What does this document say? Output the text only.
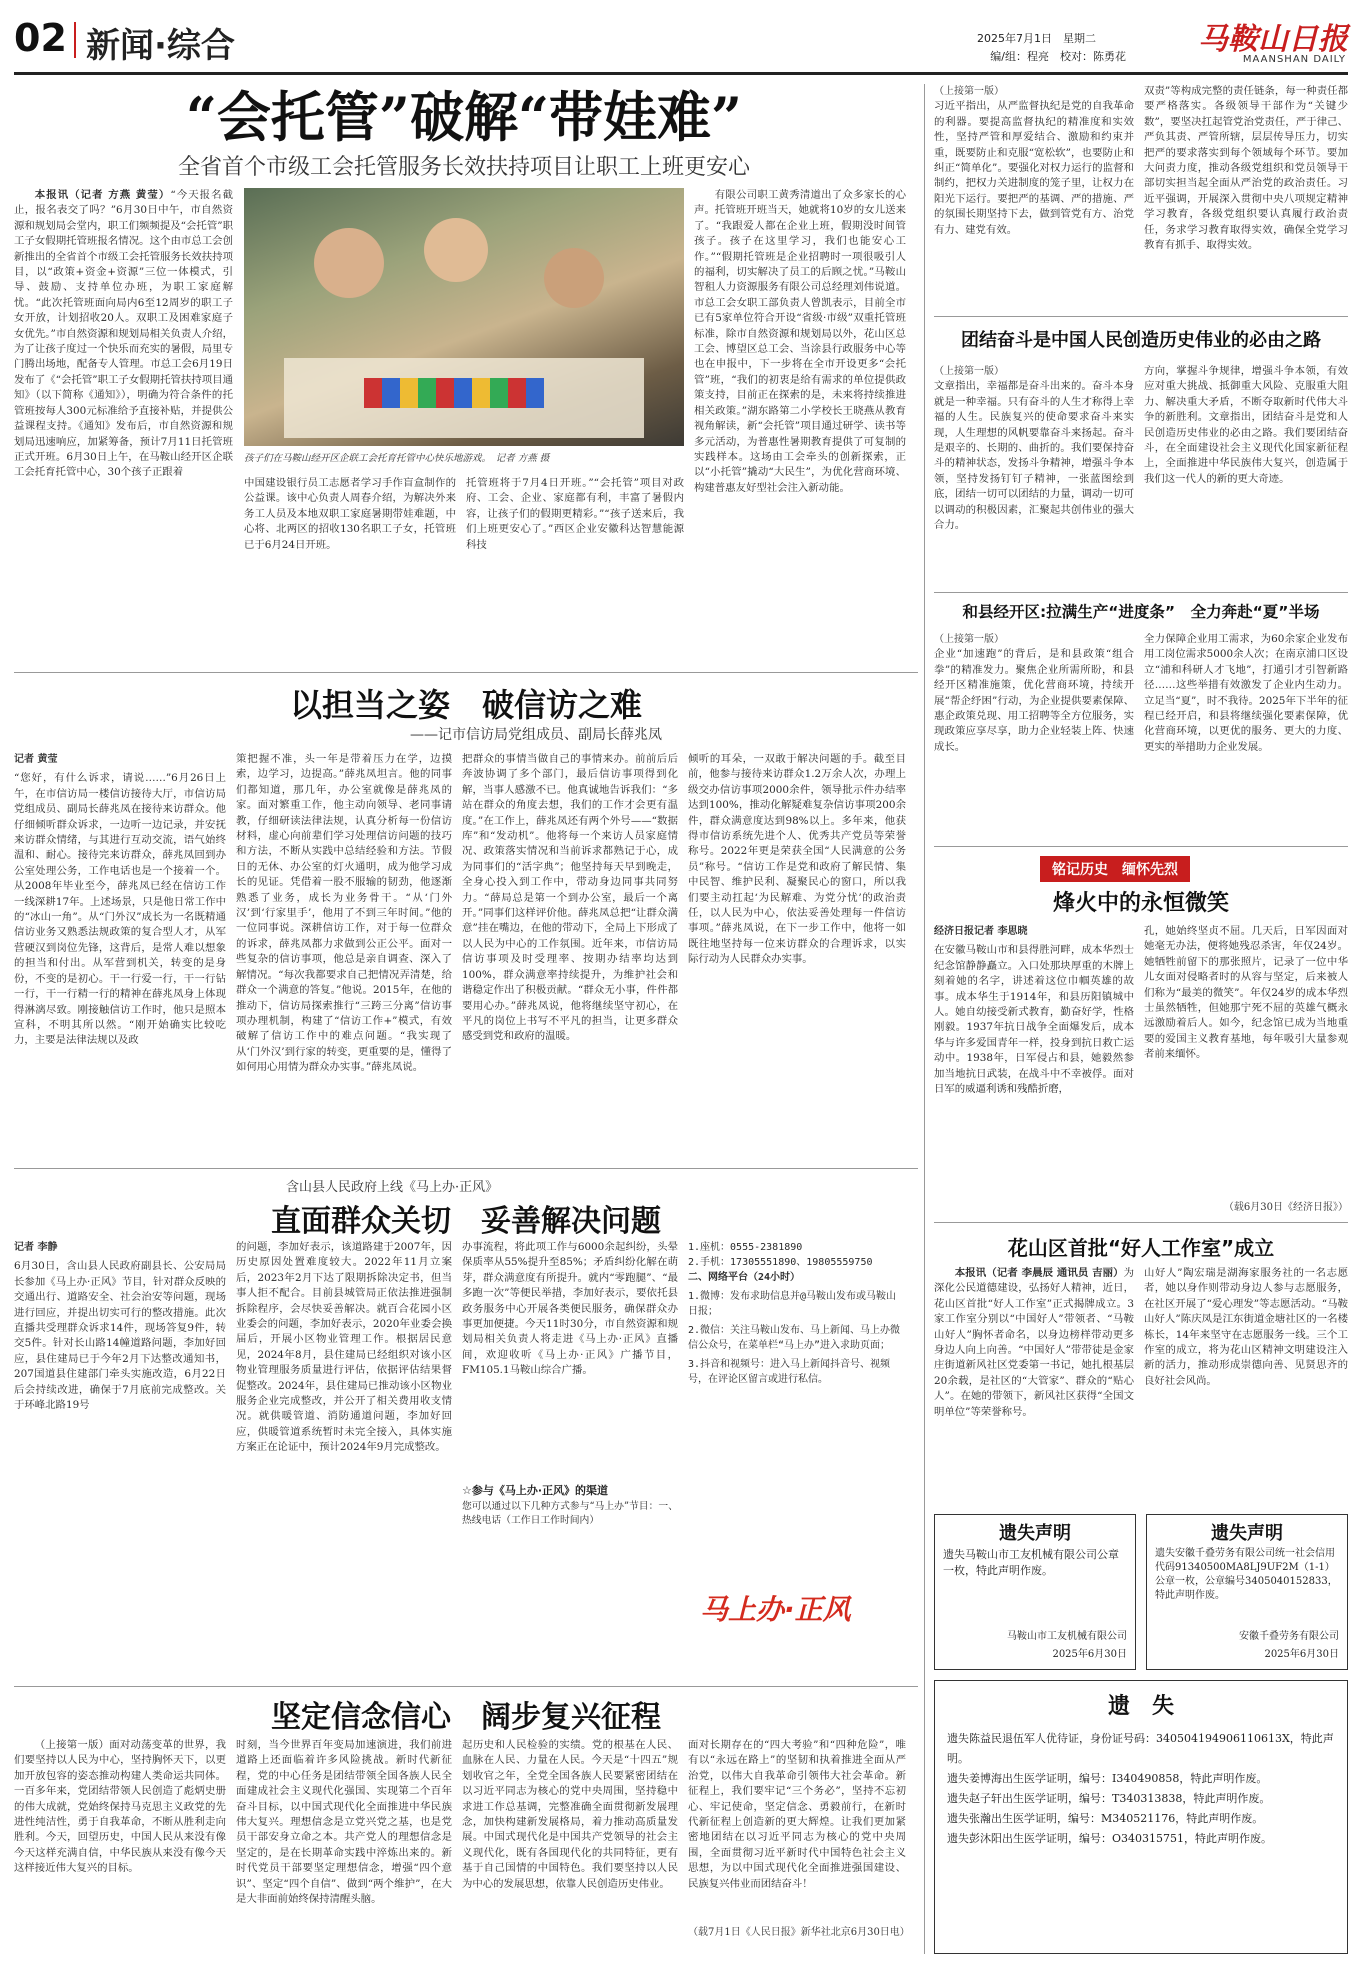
02 新闻·综合	2025年7月1日　星期二
编/组：程亮　校对：陈勇花 马鞍山日报
MAANSHAN DAILY
“会托管”破解“带娃难”
全省首个市级工会托管服务长效扶持项目让职工上班更安心
本报讯（记者 方燕 黄莹）“今天报名截止，报名表交了吗？”6月30日中午，市自然资源和规划局会堂内，职工们频频提及“会托管”职工子女假期托管班报名情况。这个由市总工会创新推出的全省首个市级工会托管服务长效扶持项目，以“政策+资金+资源”三位一体模式，引导、鼓励、支持单位办班，为职工家庭解忧。“此次托管班面向局内6至12周岁的职工子女开放，计划招收20人。双职工及困难家庭子女优先。”市自然资源和规划局相关负责人介绍，为了让孩子度过一个快乐而充实的暑假，局里专门腾出场地，配备专人管理。市总工会6月19日发布了《“会托管”职工子女假期托管扶持项目通知》（以下简称《通知》），明确为符合条件的托管班按每人300元标准给予直接补贴，并提供公益课程支持。《通知》发布后，市自然资源和规划局迅速响应，加紧筹备，预计7月11日托管班正式开班。6月30日上午，在马鞍山经开区企联工会托育托管中心，30个孩子正跟着
孩子们在马鞍山经开区企联工会托育托管中心快乐地游戏。　记者 方燕 摄
中国建设银行员工志愿者学习手作盲盒制作的公益课。该中心负责人周春介绍，为解决外来务工人员及本地双职工家庭暑期带娃难题，中心将、北两区的招收130名职工子女，托管班已于6月24日开班。
托管班将于7月4日开班。”“会托管”项目对政府、工会、企业、家庭都有利，丰富了暑假内容，让孩子们的假期更精彩。”“孩子送来后，我们上班更安心了。”西区企业安徽科达智慧能源科技
有限公司职工黄秀清道出了众多家长的心声。托管班开班当天，她就将10岁的女儿送来了。“我跟爱人都在企业上班，假期没时间管孩子。孩子在这里学习，我们也能安心工作。”“假期托管班是企业招聘时一项很吸引人的福利，切实解决了员工的后顾之忧。”马鞍山智租人力资源服务有限公司总经理刘伟说道。市总工会女职工部负责人曾凯表示，目前全市已有5家单位符合开设“省级·市级”双重托管班标准，除市自然资源和规划局以外，花山区总工会、博望区总工会、当涂县行政服务中心等也在申报中，下一步将在全市开设更多“会托管”班，“我们的初衷是给有需求的单位提供政策支持，目前正在探索的是，未来将持续推进相关政策。”湖东路第二小学校长王晓燕从教育视角解读，新“会托管”项目通过研学、读书等多元活动，为普惠性暑期教育提供了可复制的实践样本。这场由工会牵头的创新探索，正以“小托管”撬动“大民生”，为优化营商环境、构建普惠友好型社会注入新动能。
以担当之姿　破信访之难
——记市信访局党组成员、副局长薛兆凤
记者 黄莹
“您好，有什么诉求，请说……”6月26日上午，在市信访局一楼信访接待大厅，市信访局党组成员、副局长薛兆凤在接待来访群众。他仔细倾听群众诉求，一边听一边记录，并安抚来访群众情绪，与其进行互动交流，语气始终温和、耐心。接待完来访群众，薛兆凤回到办公室处理公务，工作电话也是一个接着一个。从2008年毕业至今，薛兆凤已经在信访工作一线深耕17年。上述场景，只是他日常工作中的“冰山一角”。从“门外汉”成长为一名既精通信访业务又熟悉法规政策的复合型人才，从军营硬汉到岗位先锋，这背后，是常人难以想象的担当和付出。从军营到机关，转变的是身份，不变的是初心。干一行爱一行，干一行钻一行，干一行精一行的精神在薛兆凤身上体现得淋漓尽致。刚接触信访工作时，他只是照本宣科，不明其所以然。“刚开始确实比较吃力，主要是法律法规以及政
策把握不准，头一年是带着压力在学，边摸索，边学习，边提高。”薛兆凤坦言。他的同事们都知道，那几年，办公室就像是薛兆凤的家。面对繁重工作，他主动向领导、老同事请教，仔细研读法律法规，认真分析每一份信访材料，虚心向前辈们学习处理信访问题的技巧和方法，不断从实践中总结经验和方法。节假日的无休、办公室的灯火通明，成为他学习成长的见证。凭借着一股不服输的韧劲，他逐渐熟悉了业务，成长为业务骨干。“从‘门外汉’到‘行家里手’，他用了不到三年时间。”他的一位同事说。深耕信访工作，对于每一位群众的诉求，薛兆凤都力求做到公正公平。面对一些复杂的信访事项，他总是亲自调查、深入了解情况。“每次我都要求自己把情况弄清楚，给群众一个满意的答复。”他说。2015年，在他的推动下，信访局探索推行“三跨三分离”信访事项办理机制，构建了“信访工作+”模式，有效破解了信访工作中的难点问题。“我实现了从‘门外汉’到行家的转变，更重要的是，懂得了如何用心用情为群众办实事。”薛兆凤说。
把群众的事情当做自己的事情来办。前前后后奔波协调了多个部门，最后信访事项得到化解，当事人感激不已。他真诚地告诉我们：“多站在群众的角度去想，我们的工作才会更有温度。”在工作上，薛兆凤还有两个外号——“数据库”和“发动机”。他将每一个来访人员家庭情况、政策落实情况和当前诉求都熟记于心，成为同事们的“活字典”；他坚持每天早到晚走，全身心投入到工作中，带动身边同事共同努力。“薛局总是第一个到办公室，最后一个离开。”同事们这样评价他。薛兆凤总把“让群众满意”挂在嘴边，在他的带动下，全局上下形成了以人民为中心的工作氛围。近年来，市信访局信访事项及时受理率、按期办结率均达到100%，群众满意率持续提升，为维护社会和谐稳定作出了积极贡献。“群众无小事，件件都要用心办。”薛兆凤说，他将继续坚守初心，在平凡的岗位上书写不平凡的担当，让更多群众感受到党和政府的温暖。
倾听的耳朵，一双敢于解决问题的手。截至目前，他参与接待来访群众1.2万余人次，办理上级交办信访事项2000余件，领导批示件办结率达到100%，推动化解疑难复杂信访事项200余件，群众满意度达到98%以上。多年来，他获得市信访系统先进个人、优秀共产党员等荣誉称号。2022年更是荣获全国“人民满意的公务员”称号。“信访工作是党和政府了解民情、集中民智、维护民利、凝聚民心的窗口，所以我们要主动扛起‘为民解难、为党分忧’的政治责任，以人民为中心，依法妥善处理每一件信访事项。”薛兆凤说，在下一步工作中，他将一如既往地坚持每一位来访群众的合理诉求，以实际行动为人民群众办实事。
含山县人民政府上线《马上办·正风》
直面群众关切　妥善解决问题
记者 李静
6月30日，含山县人民政府副县长、公安局局长参加《马上办·正风》节目，针对群众反映的交通出行、道路安全、社会治安等问题，现场进行回应，并提出切实可行的整改措施。此次直播共受理群众诉求14件，现场答复9件，转交5件。针对长山路14幢道路问题，李加好回应，县住建局已于今年2月下达整改通知书，207国道县住建部门牵头实施改造，6月22日后会持续改进，确保于7月底前完成整改。关于环峰北路19号
的问题，李加好表示，该道路建于2007年，因历史原因处置难度较大。2022年11月立案后，2023年2月下达了限期拆除决定书，但当事人拒不配合。目前县城管局正依法推进强制拆除程序，会尽快妥善解决。就百合花园小区业委会的问题，李加好表示，2020年业委会换届后，开展小区物业管理工作。根据居民意见，2024年8月，县住建局已经组织对该小区物业管理服务质量进行评估，依据评估结果督促整改。2024年，县住建局已推动该小区物业服务企业完成整改，并公开了相关费用收支情况。就供暖管道、消防通道问题，李加好回应，供暖管道系统暂时未完全接入，具体实施方案正在论证中，预计2024年9月完成整改。
办事流程，将此项工作与6000余起纠纷，头晕保质率从55%提升至85%；矛盾纠纷化解在萌芽，群众满意度有所提升。就内“零跑腿”、“最多跑一次”等便民举措，李加好表示，要依托县政务服务中心开展各类便民服务，确保群众办事更加便捷。今天11时30分，市自然资源和规划局相关负责人将走进《马上办·正风》直播间，欢迎收听《马上办·正风》广播节目，FM105.1马鞍山综合广播。
☆参与《马上办·正风》的渠道
您可以通过以下几种方式参与“马上办”节目：一、热线电话（工作日工作时间内）
1.座机：0555-2381890
2.手机：17305551890、19805559750
二、网络平台（24小时）
1.微博：发布求助信息并@马鞍山发布或马鞍山日报；
2.微信：关注马鞍山发布、马上新闻、马上办微信公众号，在菜单栏“马上办”进入求助页面；
3.抖音和视频号：进入马上新闻抖音号、视频号，在评论区留言或进行私信。
马上办·正风
坚定信念信心　阔步复兴征程
（上接第一版）面对动荡变革的世界，我们要坚持以人民为中心，坚持胸怀天下，以更加开放包容的姿态推动构建人类命运共同体。一百多年来，党团结带领人民创造了彪炳史册的伟大成就，党始终保持马克思主义政党的先进性纯洁性，勇于自我革命，不断从胜利走向胜利。今天，回望历史，中国人民从来没有像今天这样充满自信，中华民族从来没有像今天这样接近伟大复兴的目标。
时刻，当今世界百年变局加速演进，我们前进道路上还面临着许多风险挑战。新时代新征程，党的中心任务是团结带领全国各族人民全面建成社会主义现代化强国、实现第二个百年奋斗目标，以中国式现代化全面推进中华民族伟大复兴。理想信念是立党兴党之基，也是党员干部安身立命之本。共产党人的理想信念是坚定的，是在长期革命实践中淬炼出来的。新时代党员干部要坚定理想信念，增强“四个意识”、坚定“四个自信”、做到“两个维护”，在大是大非面前始终保持清醒头脑。
起历史和人民检验的实绩。党的根基在人民、血脉在人民、力量在人民。今天是“十四五”规划收官之年，全党全国各族人民要紧密团结在以习近平同志为核心的党中央周围，坚持稳中求进工作总基调，完整准确全面贯彻新发展理念，加快构建新发展格局，着力推动高质量发展。中国式现代化是中国共产党领导的社会主义现代化，既有各国现代化的共同特征，更有基于自己国情的中国特色。我们要坚持以人民为中心的发展思想，依靠人民创造历史伟业。
面对长期存在的“四大考验”和“四种危险”，唯有以“永远在路上”的坚韧和执着推进全面从严治党，以伟大自我革命引领伟大社会革命。新征程上，我们要牢记“三个务必”，坚持不忘初心、牢记使命，坚定信念、勇毅前行，在新时代新征程上创造新的更大辉煌。让我们更加紧密地团结在以习近平同志为核心的党中央周围，全面贯彻习近平新时代中国特色社会主义思想，为以中国式现代化全面推进强国建设、民族复兴伟业而团结奋斗！
（载7月1日《人民日报》新华社北京6月30日电）
（上接第一版）
习近平指出，从严监督执纪是党的自我革命的利器。要提高监督执纪的精准度和实效性，坚持严管和厚爱结合、激励和约束并重，既要防止和克服“宽松软”，也要防止和纠正“简单化”。要强化对权力运行的监督和制约，把权力关进制度的笼子里，让权力在阳光下运行。要把严的基调、严的措施、严的氛围长期坚持下去，做到管党有方、治党有力、建党有效。
双责”等构成完整的责任链条，每一种责任都要严格落实。各级领导干部作为“关键少数”，要坚决扛起管党治党责任，严于律己、严负其责、严管所辖，层层传导压力，切实把严的要求落实到每个领域每个环节。要加大问责力度，推动各级党组织和党员领导干部切实担当起全面从严治党的政治责任。习近平强调，开展深入贯彻中央八项规定精神学习教育，各级党组织要认真履行政治责任，务求学习教育取得实效，确保全党学习教育有抓手、取得实效。
团结奋斗是中国人民创造历史伟业的必由之路
（上接第一版）
文章指出，幸福都是奋斗出来的。奋斗本身就是一种幸福。只有奋斗的人生才称得上幸福的人生。民族复兴的使命要求奋斗来实现，人生理想的风帆要靠奋斗来扬起。奋斗是艰辛的、长期的、曲折的。我们要保持奋斗的精神状态，发扬斗争精神，增强斗争本领，坚持发扬钉钉子精神，一张蓝图绘到底，团结一切可以团结的力量，调动一切可以调动的积极因素，汇聚起共创伟业的强大合力。
方向，掌握斗争规律，增强斗争本领，有效应对重大挑战、抵御重大风险、克服重大阻力、解决重大矛盾，不断夺取新时代伟大斗争的新胜利。文章指出，团结奋斗是党和人民创造历史伟业的必由之路。我们要团结奋斗，在全面建设社会主义现代化国家新征程上，全面推进中华民族伟大复兴，创造属于我们这一代人的新的更大奇迹。
和县经开区:拉满生产“进度条”　全力奔赴“夏”半场
（上接第一版）
企业“加速跑”的背后，是和县政策“组合拳”的精准发力。聚焦企业所需所盼，和县经开区精准施策，优化营商环境，持续开展“帮企纾困”行动，为企业提供要素保障、惠企政策兑现、用工招聘等全方位服务，实现政策应享尽享，助力企业轻装上阵、快速成长。
全力保障企业用工需求，为60余家企业发布用工岗位需求5000余人次；在南京浦口区设立“浦和科研人才飞地”，打通引才引智新路径……这些举措有效激发了企业内生动力。立足当“夏”，时不我待。2025年下半年的征程已经开启，和县将继续强化要素保障，优化营商环境，以更优的服务、更大的力度、更实的举措助力企业发展。
铭记历史　缅怀先烈
烽火中的永恒微笑
经济日报记者 李思晓
在安徽马鞍山市和县得胜河畔，成本华烈士纪念馆静静矗立。入口处那块厚重的木牌上刻着她的名字，讲述着这位巾帼英雄的故事。成本华生于1914年，和县历阳镇城中人。她自幼接受新式教育，勤奋好学，性格刚毅。1937年抗日战争全面爆发后，成本华与许多爱国青年一样，投身到抗日救亡运动中。1938年，日军侵占和县，她毅然参加当地抗日武装，在战斗中不幸被俘。面对日军的威逼利诱和残酷折磨，
孔，她始终坚贞不屈。几天后，日军因面对她毫无办法，便将她残忍杀害，年仅24岁。她牺牲前留下的那张照片，记录了一位中华儿女面对侵略者时的从容与坚定，后来被人们称为“最美的微笑”。年仅24岁的成本华烈士虽然牺牲，但她那宁死不屈的英雄气概永远激励着后人。如今，纪念馆已成为当地重要的爱国主义教育基地，每年吸引大量参观者前来缅怀。
（载6月30日《经济日报》）
花山区首批“好人工作室”成立
本报讯（记者 李晨辰 通讯员 吉丽）为深化公民道德建设，弘扬好人精神，近日，花山区首批“好人工作室”正式揭牌成立。3家工作室分别以“中国好人”带领者、“马鞍山好人”胸怀者命名，以身边榜样带动更多身边人向上向善。“中国好人”带带徒是金家庄街道新风社区党委第一书记，她扎根基层20余载，是社区的“大管家”、群众的“贴心人”。在她的带领下，新风社区获得“全国文明单位”等荣誉称号。
山好人”陶宏瑞是湖海家服务社的一名志愿者，她以身作则带动身边人参与志愿服务，在社区开展了“爱心理发”等志愿活动。“马鞍山好人”陈庆凤是江东街道金塘社区的一名楼栋长，14年来坚守在志愿服务一线。三个工作室的成立，将为花山区精神文明建设注入新的活力，推动形成崇德向善、见贤思齐的良好社会风尚。
遗失声明
遗失马鞍山市工友机械有限公司公章一枚，特此声明作废。
马鞍山市工友机械有限公司
2025年6月30日
遗失声明
遗失安徽千叠劳务有限公司统一社会信用代码91340500MA8LJ9UF2M（1-1）公章一枚，公章编号3405040152833，特此声明作废。
安徽千叠劳务有限公司
2025年6月30日
遗　失
遗失陈益民退伍军人优待证，身份证号码：340504194906110613X，特此声明。
遗失姜博海出生医学证明，编号：I340490858，特此声明作废。
遗失赵子轩出生医学证明，编号：T340313838，特此声明作废。
遗失张瀚出生医学证明，编号：M340521176，特此声明作废。
遗失彭沐阳出生医学证明，编号：O340315751，特此声明作废。
